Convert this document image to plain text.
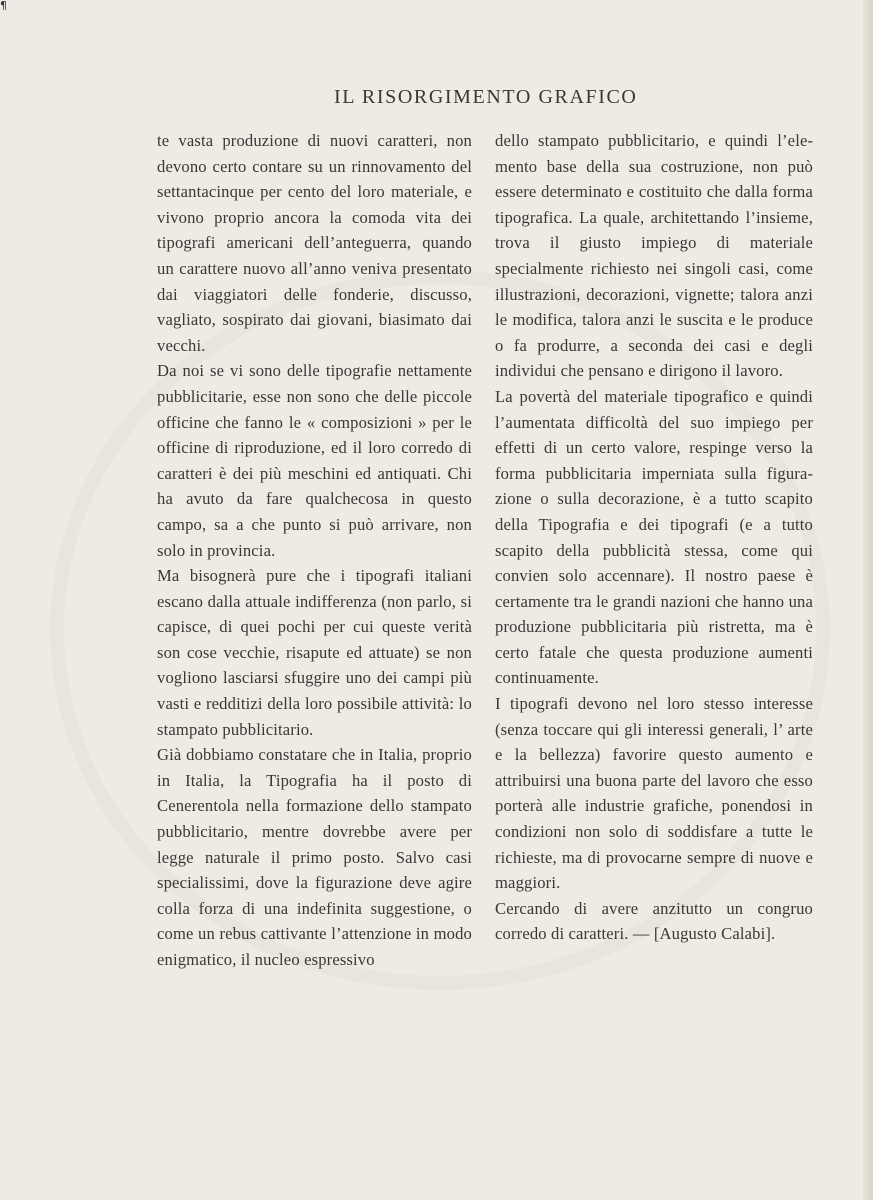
¶
IL RISORGIMENTO GRAFICO

te vasta produzione di nuovi caratteri, non devono certo contare su un rinnovamento del settantacinque per cento del loro materiale, e vivono proprio ancora la comoda vita dei tipografi americani dell’anteguerra, quando un carattere nuovo all’anno veniva presentato dai viaggiatori delle fonderie, discusso, vagliato, sospirato dai giovani, biasimato dai vecchi.

Da noi se vi sono delle tipografie nettamente pubblicitarie, esse non sono che delle piccole officine che fanno le « composizioni » per le officine di riproduzione, ed il loro corredo di caratteri è dei più meschini ed antiquati. Chi ha avuto da fare qualchecosa in questo campo, sa a che punto si può arrivare, non solo in provincia.

Ma bisognerà pure che i tipografi italiani escano dalla attuale indifferenza (non parlo, si capisce, di quei pochi per cui queste verità son cose vecchie, risapute ed attuate) se non vogliono lasciarsi sfuggire uno dei campi più vasti e redditizi della loro possibile attività: lo stampato pubblicitario.

Già dobbiamo constatare che in Italia, proprio in Italia, la Tipografia ha il posto di Cenerentola nella formazione dello stampato pubblicitario, mentre dovrebbe avere per legge naturale il primo posto. Salvo casi specialissimi, dove la figurazione deve agire colla forza di una indefinita suggestione, o come un rebus cattivante l’attenzione in modo enigmatico, il nucleo espressivo

dello stampato pubblicitario, e quindi l’elemento base della sua costruzione, non può essere determinato e costituito che dalla forma tipografica. La quale, architettando l’insieme, trova il giusto impiego di materiale specialmente richiesto nei singoli casi, come illustrazioni, decorazioni, vignette; talora anzi le modifica, talora anzi le suscita e le produce o fa produrre, a seconda dei casi e degli individui che pensano e dirigono il lavoro.

La povertà del materiale tipografico e quindi l’aumentata difficoltà del suo impiego per effetti di un certo valore, respinge verso la forma pubblicitaria imperniata sulla figurazione o sulla decorazione, è a tutto scapito della Tipografia e dei tipografi (e a tutto scapito della pubblicità stessa, come qui convien solo accennare). Il nostro paese è certamente tra le grandi nazioni che hanno una produzione pubblicitaria più ristretta, ma è certo fatale che questa produzione aumenti continuamente.

I tipografi devono nel loro stesso interesse (senza toccare qui gli interessi generali, l’ arte e la bellezza) favorire questo aumento e attribuirsi una buona parte del lavoro che esso porterà alle industrie grafiche, ponendosi in condizioni non solo di soddisfare a tutte le richieste, ma di provocarne sempre di nuove e maggiori.

Cercando di avere anzitutto un congruo corredo di caratteri. — [Augusto Calabi].
